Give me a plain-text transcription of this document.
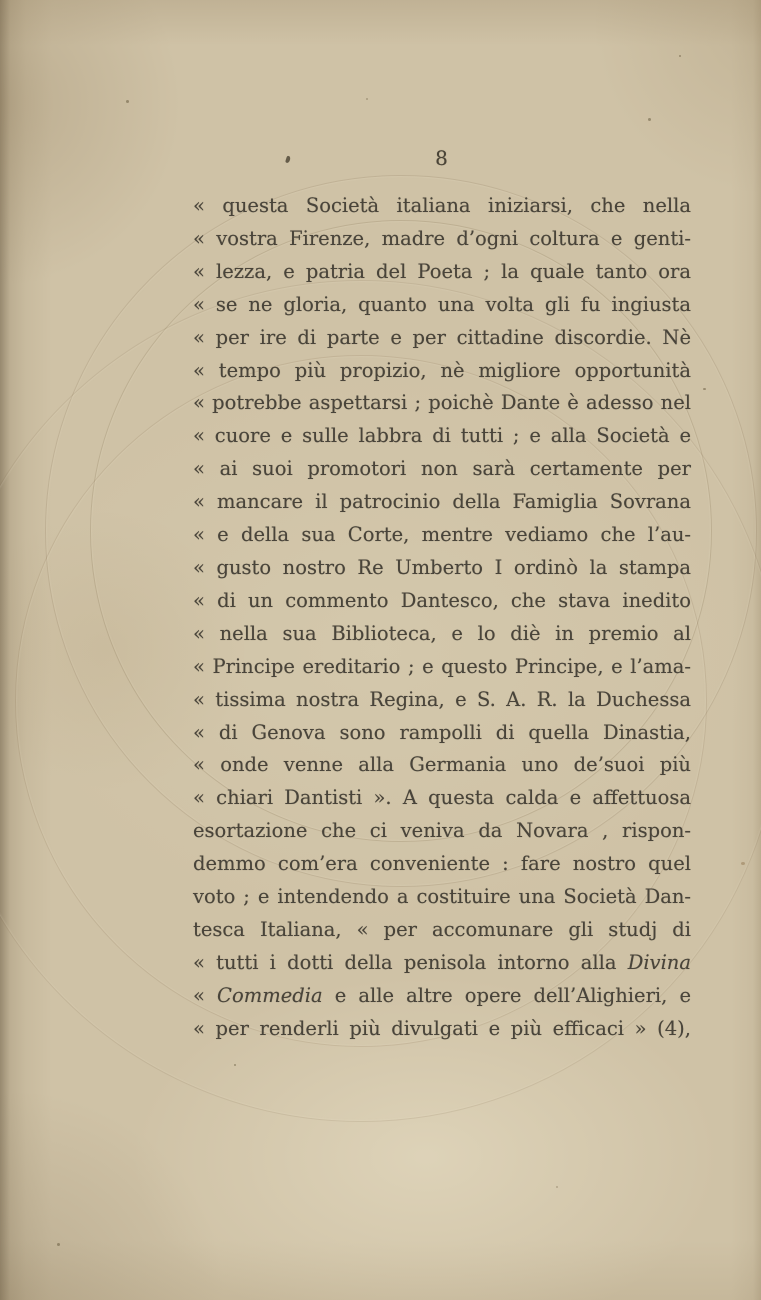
8
« questa Società italiana iniziarsi, che nella
« vostra Firenze, madre d’ogni coltura e genti-
« lezza, e patria del Poeta ; la quale tanto ora
« se ne gloria, quanto una volta gli fu ingiusta
« per ire di parte e per cittadine discordie. Nè
« tempo più propizio, nè migliore opportunità
« potrebbe aspettarsi ; poichè Dante è adesso nel
« cuore e sulle labbra di tutti ; e alla Società e
« ai suoi promotori non sarà certamente per
« mancare il patrocinio della Famiglia Sovrana
« e della sua Corte, mentre vediamo che l’au-
« gusto nostro Re Umberto I ordinò la stampa
« di un commento Dantesco, che stava inedito
« nella sua Biblioteca, e lo diè in premio al
« Principe ereditario ; e questo Principe, e l’ama-
« tissima nostra Regina, e S. A. R. la Duchessa
« di Genova sono rampolli di quella Dinastia,
« onde venne alla Germania uno de’suoi più
« chiari Dantisti ». A questa calda e affettuosa
esortazione che ci veniva da Novara , rispon-
demmo com’era conveniente : fare nostro quel
voto ; e intendendo a costituire una Società Dan-
tesca Italiana, « per accomunare gli studj di
« tutti i dotti della penisola intorno alla Divina
« Commedia e alle altre opere dell’Alighieri, e
« per renderli più divulgati e più efficaci » (4),
